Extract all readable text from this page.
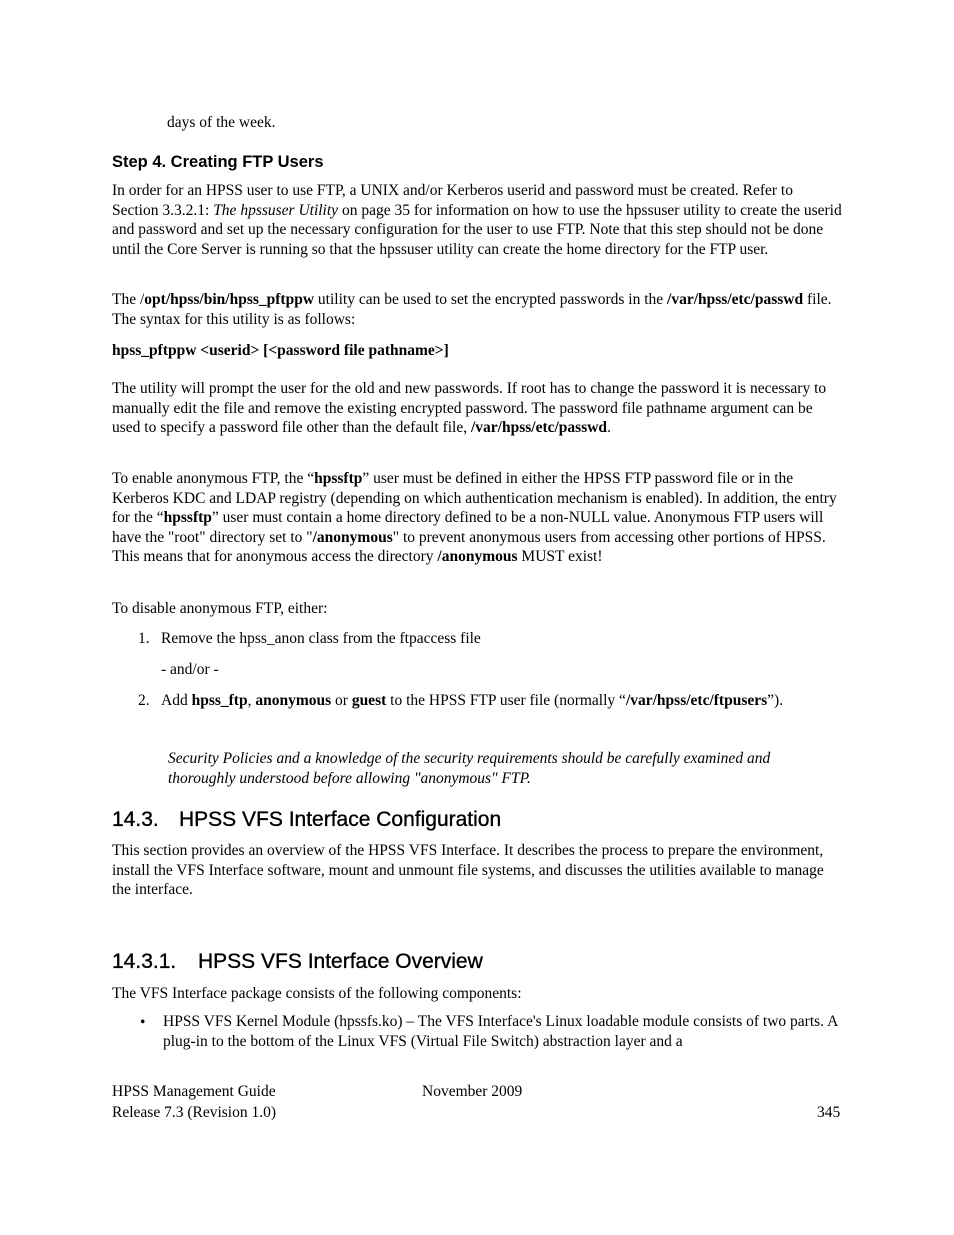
days of the week.

Step 4. Creating FTP Users

In order for an HPSS user to use FTP, a UNIX and/or Kerberos userid and password must be created. Refer to Section 3.3.2.1: The hpssuser Utility on page 35 for information on how to use the hpssuser utility to create the userid and password and set up the necessary configuration for the user to use FTP. Note that this step should not be done until the Core Server is running so that the hpssuser utility can create the home directory for the FTP user.

The /opt/hpss/bin/hpss_pftppw utility can be used to set the encrypted passwords in the /var/hpss/etc/passwd file. The syntax for this utility is as follows:

hpss_pftppw <userid> [<password file pathname>]

The utility will prompt the user for the old and new passwords. If root has to change the password it is necessary to manually edit the file and remove the existing encrypted password. The password file pathname argument can be used to specify a password file other than the default file, /var/hpss/etc/passwd.

To enable anonymous FTP, the “hpssftp” user must be defined in either the HPSS FTP password file or in the Kerberos KDC and LDAP registry (depending on which authentication mechanism is enabled). In addition, the entry for the “hpssftp” user must contain a home directory defined to be a non-NULL value. Anonymous FTP users will have the "root" directory set to "/anonymous" to prevent anonymous users from accessing other portions of HPSS. This means that for anonymous access the directory /anonymous MUST exist!

To disable anonymous FTP, either:

1. Remove the hpss_anon class from the ftpaccess file

- and/or -

2. Add hpss_ftp, anonymous or guest to the HPSS FTP user file (normally “/var/hpss/etc/ftpusers”).

Security Policies and a knowledge of the security requirements should be carefully examined and thoroughly understood before allowing "anonymous" FTP.

14.3. HPSS VFS Interface Configuration

This section provides an overview of the HPSS VFS Interface. It describes the process to prepare the environment, install the VFS Interface software, mount and unmount file systems, and discusses the utilities available to manage the interface.

14.3.1. HPSS VFS Interface Overview

The VFS Interface package consists of the following components:

• HPSS VFS Kernel Module (hpssfs.ko) – The VFS Interface's Linux loadable module consists of two parts. A plug-in to the bottom of the Linux VFS (Virtual File Switch) abstraction layer and a

HPSS Management Guide	November 2009
Release 7.3 (Revision 1.0)	345
